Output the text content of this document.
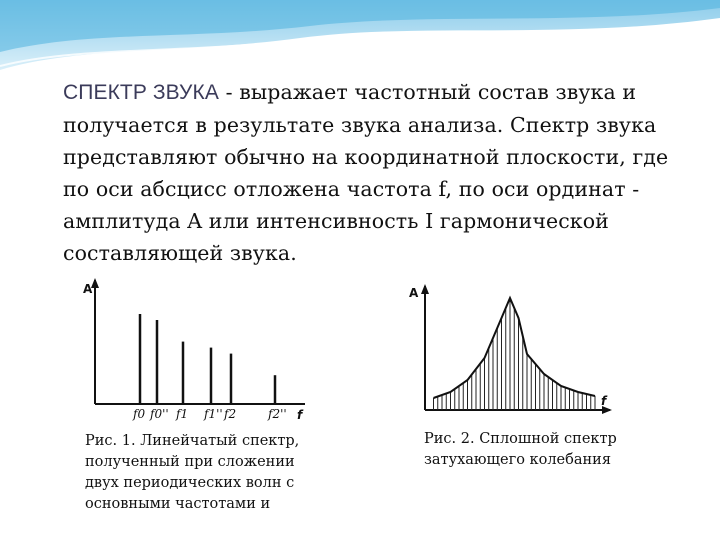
СПЕКТР ЗВУКА - выражает частотный состав звука и получается в результате звука анализа. Спектр звука представляют обычно на координатной плоскости, где по оси абсцисс отложена частота f, по оси ординат - амплитуда A или интенсивность I гармонической составляющей звука.
A
f
f0 f0'' f1 f1'' f2	f2''
Рис. 1. Линейчатый спектр, полученный при сложении двух периодических волн с основными частотами и
A
f
Рис. 2. Сплошной спектр затухающего колебания
